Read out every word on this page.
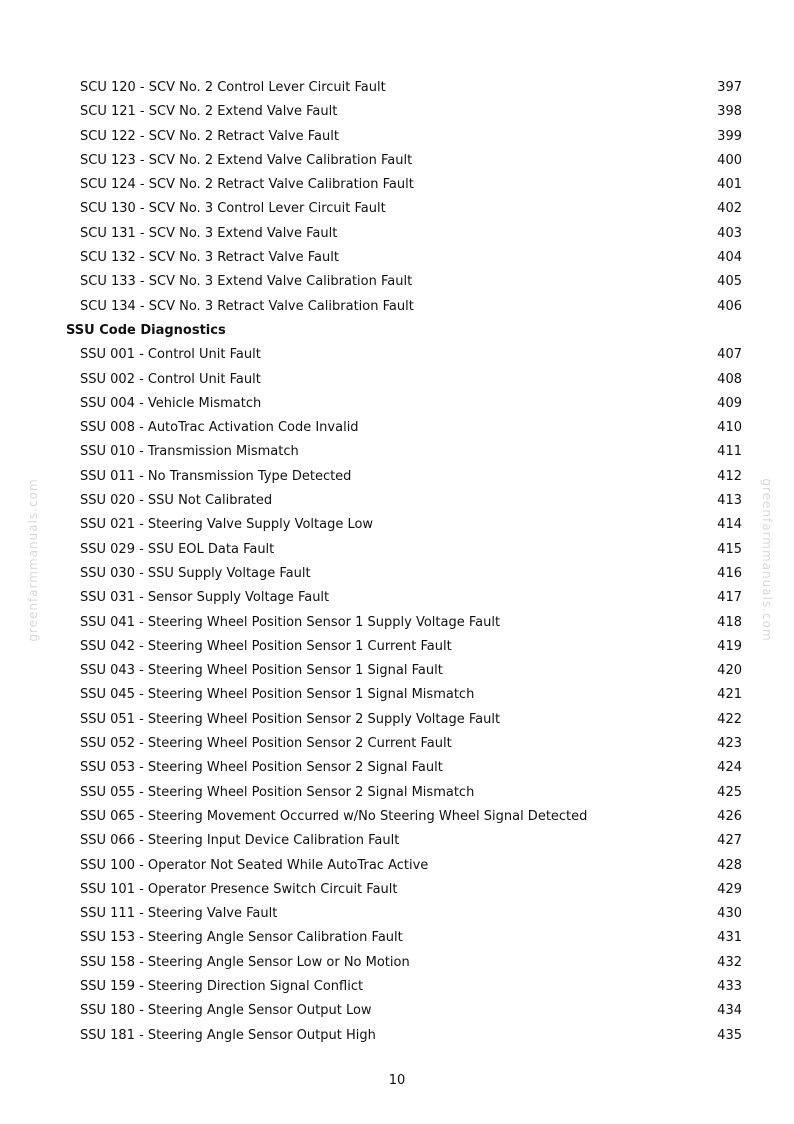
greenfarmmanuals.com	greenfarmmanuals.com
SCU 120 - SCV No. 2 Control Lever Circuit Fault	397
SCU 121 - SCV No. 2 Extend Valve Fault	398
SCU 122 - SCV No. 2 Retract Valve Fault	399
SCU 123 - SCV No. 2 Extend Valve Calibration Fault	400
SCU 124 - SCV No. 2 Retract Valve Calibration Fault	401
SCU 130 - SCV No. 3 Control Lever Circuit Fault	402
SCU 131 - SCV No. 3 Extend Valve Fault	403
SCU 132 - SCV No. 3 Retract Valve Fault	404
SCU 133 - SCV No. 3 Extend Valve Calibration Fault	405
SCU 134 - SCV No. 3 Retract Valve Calibration Fault	406
SSU Code Diagnostics
SSU 001 - Control Unit Fault	407
SSU 002 - Control Unit Fault	408
SSU 004 - Vehicle Mismatch	409
SSU 008 - AutoTrac Activation Code Invalid	410
SSU 010 - Transmission Mismatch	411
SSU 011 - No Transmission Type Detected	412
SSU 020 - SSU Not Calibrated	413
SSU 021 - Steering Valve Supply Voltage Low	414
SSU 029 - SSU EOL Data Fault	415
SSU 030 - SSU Supply Voltage Fault	416
SSU 031 - Sensor Supply Voltage Fault	417
SSU 041 - Steering Wheel Position Sensor 1 Supply Voltage Fault	418
SSU 042 - Steering Wheel Position Sensor 1 Current Fault	419
SSU 043 - Steering Wheel Position Sensor 1 Signal Fault	420
SSU 045 - Steering Wheel Position Sensor 1 Signal Mismatch	421
SSU 051 - Steering Wheel Position Sensor 2 Supply Voltage Fault	422
SSU 052 - Steering Wheel Position Sensor 2 Current Fault	423
SSU 053 - Steering Wheel Position Sensor 2 Signal Fault	424
SSU 055 - Steering Wheel Position Sensor 2 Signal Mismatch	425
SSU 065 - Steering Movement Occurred w/No Steering Wheel Signal Detected	426
SSU 066 - Steering Input Device Calibration Fault	427
SSU 100 - Operator Not Seated While AutoTrac Active	428
SSU 101 - Operator Presence Switch Circuit Fault	429
SSU 111 - Steering Valve Fault	430
SSU 153 - Steering Angle Sensor Calibration Fault	431
SSU 158 - Steering Angle Sensor Low or No Motion	432
SSU 159 - Steering Direction Signal Conflict	433
SSU 180 - Steering Angle Sensor Output Low	434
SSU 181 - Steering Angle Sensor Output High	435
10
